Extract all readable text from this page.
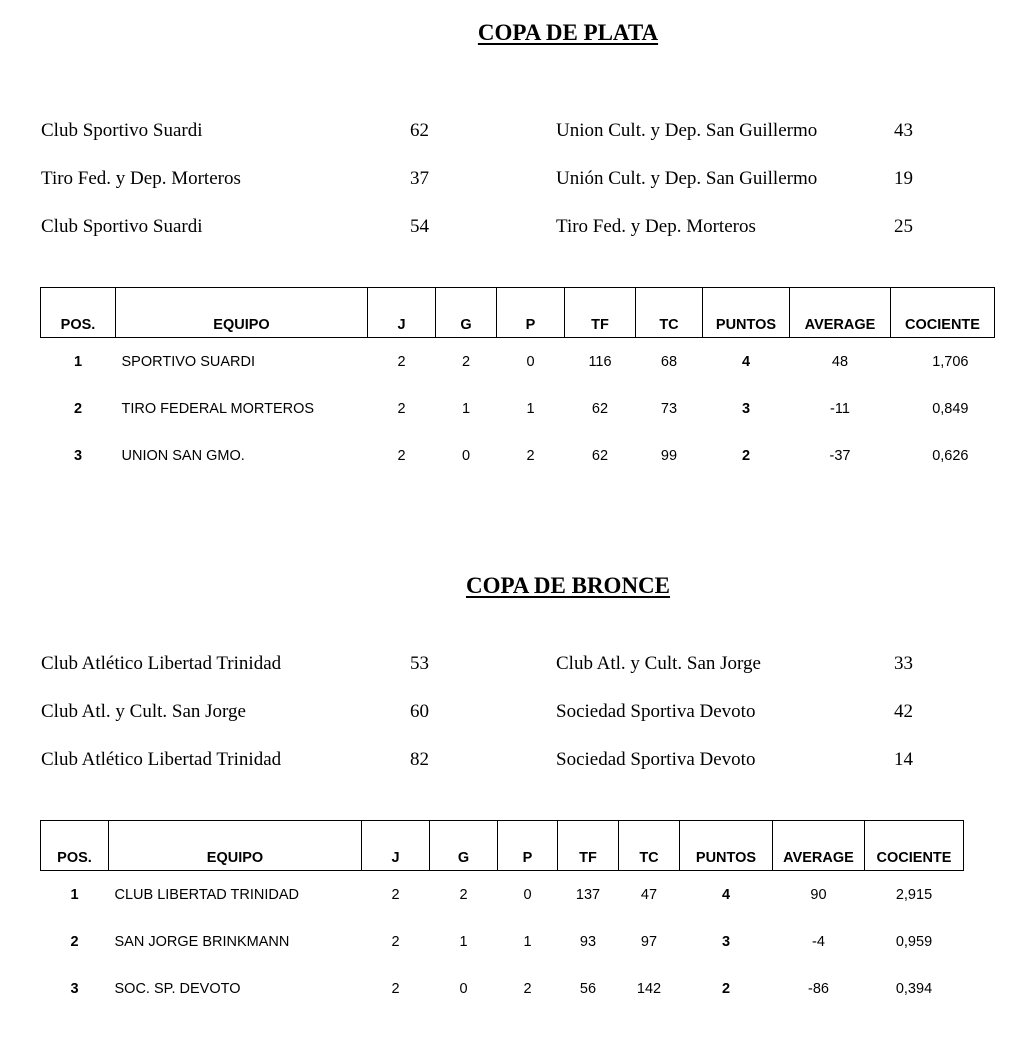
COPA DE PLATA
Club Sportivo Suardi	62	Union Cult. y Dep. San Guillermo	43
Tiro Fed. y Dep. Morteros	37	Unión Cult. y Dep. San Guillermo	19
Club Sportivo Suardi	54	Tiro Fed. y Dep. Morteros	25
POS.	EQUIPO	J	G	P	TF	TC	PUNTOS	AVERAGE	COCIENTE
1	SPORTIVO SUARDI	2	2	0	116	68	4	48	1,706
2	TIRO FEDERAL MORTEROS	2	1	1	62	73	3	-11	0,849
3	UNION SAN GMO.	2	0	2	62	99	2	-37	0,626
COPA DE BRONCE
Club Atlético Libertad Trinidad	53	Club Atl. y Cult. San Jorge	33
Club Atl. y Cult. San Jorge	60	Sociedad Sportiva Devoto	42
Club Atlético Libertad Trinidad	82	Sociedad Sportiva Devoto	14
POS.	EQUIPO	J	G	P	TF	TC	PUNTOS	AVERAGE	COCIENTE
1	CLUB LIBERTAD TRINIDAD	2	2	0	137	47	4	90	2,915
2	SAN JORGE BRINKMANN	2	1	1	93	97	3	-4	0,959
3	SOC. SP. DEVOTO	2	0	2	56	142	2	-86	0,394
